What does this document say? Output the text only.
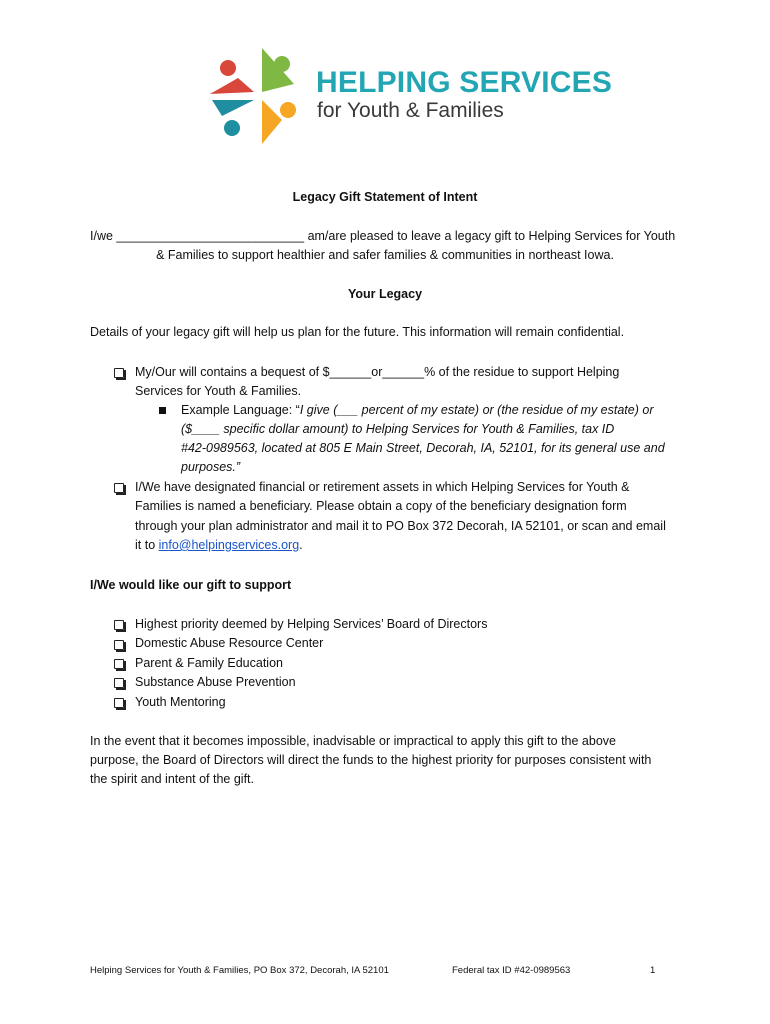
HELPING SERVICES
for Youth & Families
Legacy Gift Statement of Intent
I/we ___________________________ am/are pleased to leave a legacy gift to Helping Services for Youth
& Families to support healthier and safer families & communities in northeast Iowa.
Your Legacy
Details of your legacy gift will help us plan for the future. This information will remain confidential.
My/Our will contains a bequest of $______or______% of the residue to support Helping
Services for Youth & Families.
Example Language: “I give (___ percent of my estate) or (the residue of my estate) or
($____ specific dollar amount) to Helping Services for Youth & Families, tax ID
#42-0989563, located at 805 E Main Street, Decorah, IA, 52101, for its general use and
purposes.”
I/We have designated financial or retirement assets in which Helping Services for Youth &
Families is named a beneficiary. Please obtain a copy of the beneficiary designation form
through your plan administrator and mail it to PO Box 372 Decorah, IA 52101, or scan and email
it to info@helpingservices.org.
I/We would like our gift to support
Highest priority deemed by Helping Services’ Board of Directors
Domestic Abuse Resource Center
Parent & Family Education
Substance Abuse Prevention
Youth Mentoring
In the event that it becomes impossible, inadvisable or impractical to apply this gift to the above
purpose, the Board of Directors will direct the funds to the highest priority for purposes consistent with
the spirit and intent of the gift.
Helping Services for Youth & Families, PO Box 372, Decorah, IA 52101	Federal tax ID #42-0989563	1
